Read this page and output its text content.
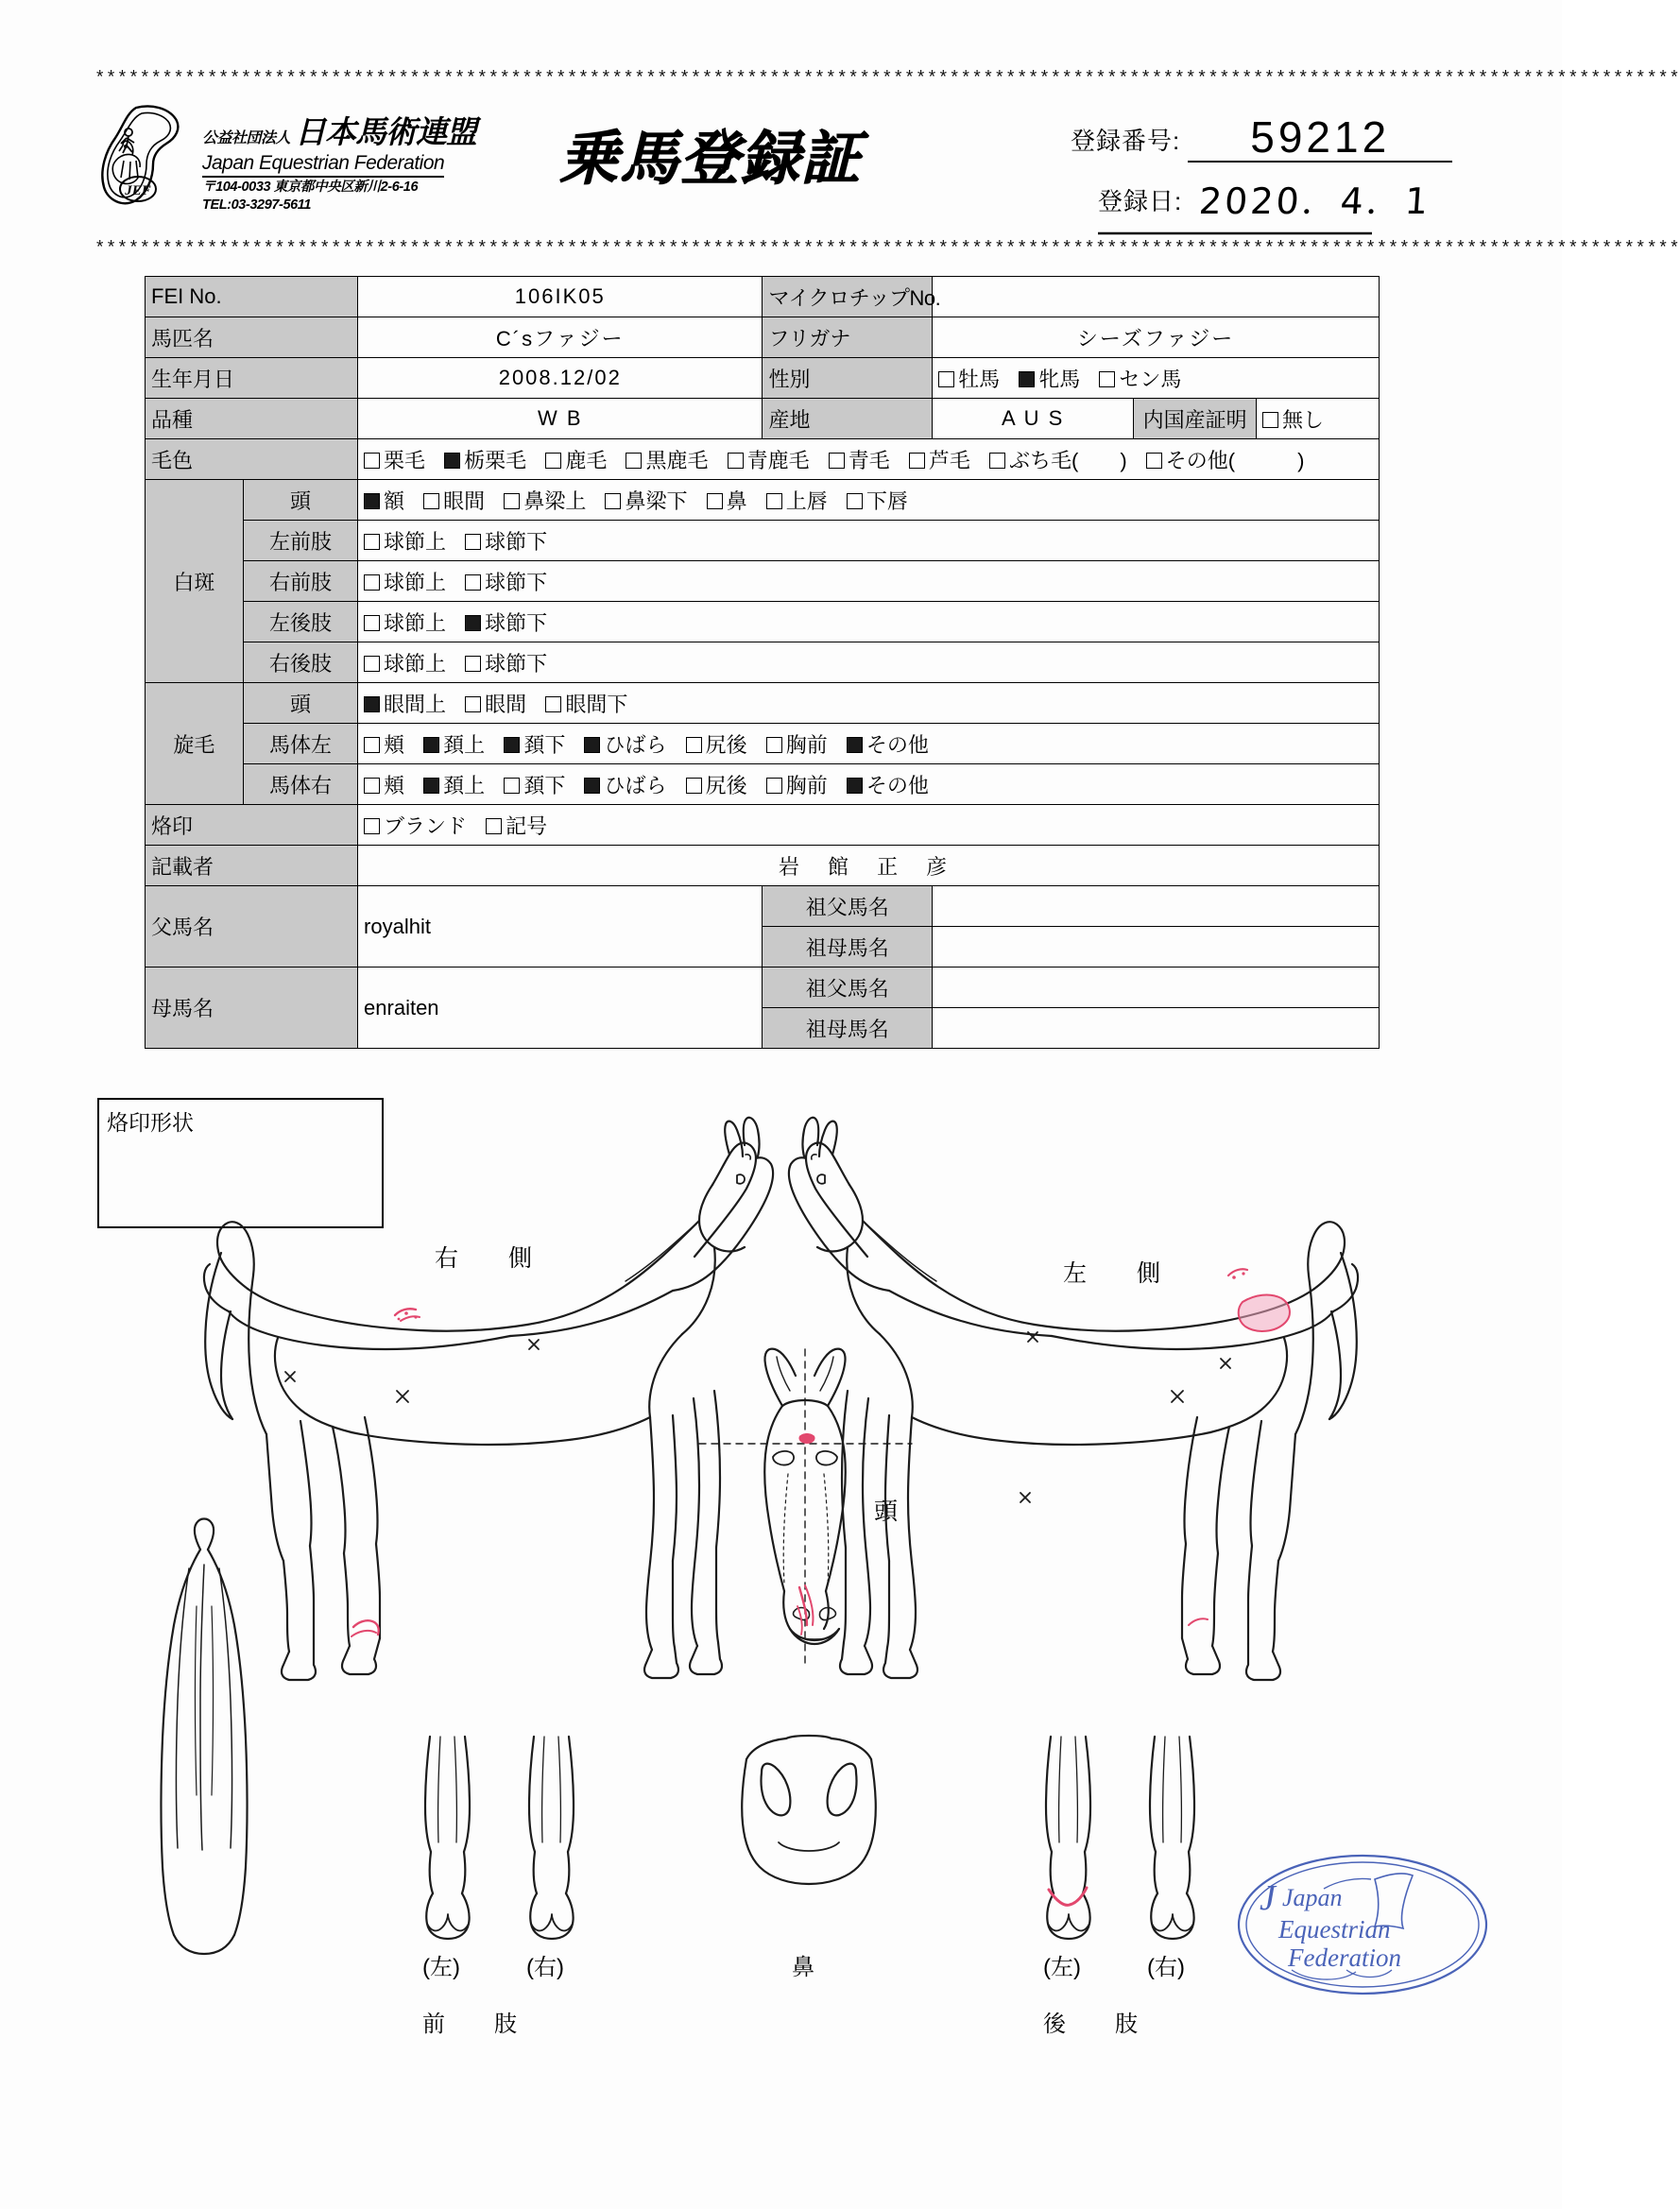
*********************************************************************************************************************************************
*********************************************************************************************************************************************
JEF
公益社団法人 日本馬術連盟
Japan Equestrian Federation
〒104-0033 東京都中央区新川2-6-16
TEL:03-3297-5611
乗馬登録証	登録番号:	59212
登録日: 2020．4．1
FEI No.		106IK05	マイクロチップNo.			
馬匹名		C´sファジー	フリガナ	シーズファジー		
生年月日		2008.12/02	性別	牡馬 牝馬 セン馬		
品種		W B	産地	A U S	内国産証明	無し
毛色		栗毛 栃栗毛 鹿毛 黒鹿毛 青鹿毛 青毛 芦毛 ぶち毛(　　) その他(　　　)				
白斑	頭	額 眼間 鼻梁上 鼻梁下 鼻 上唇 下唇				
	左前肢	球節上 球節下				
	右前肢	球節上 球節下				
	左後肢	球節上 球節下				
	右後肢	球節上 球節下				
旋毛	頭	眼間上 眼間 眼間下				
	馬体左	頬 頚上 頚下 ひばら 尻後 胸前 その他				
	馬体右	頬 頚上 頚下 ひばら 尻後 胸前 その他				
烙印		ブランド 記号				
記載者		岩 館 正 彦				
父馬名		royalhit	祖父馬名			
			祖母馬名			
母馬名		enraiten	祖父馬名			
			祖母馬名			
烙印形状
右　側
左　側
頭
(左)	(右)
前　肢
鼻	(左)	(右)
後　肢
J Japan
Equestrian
Federation
